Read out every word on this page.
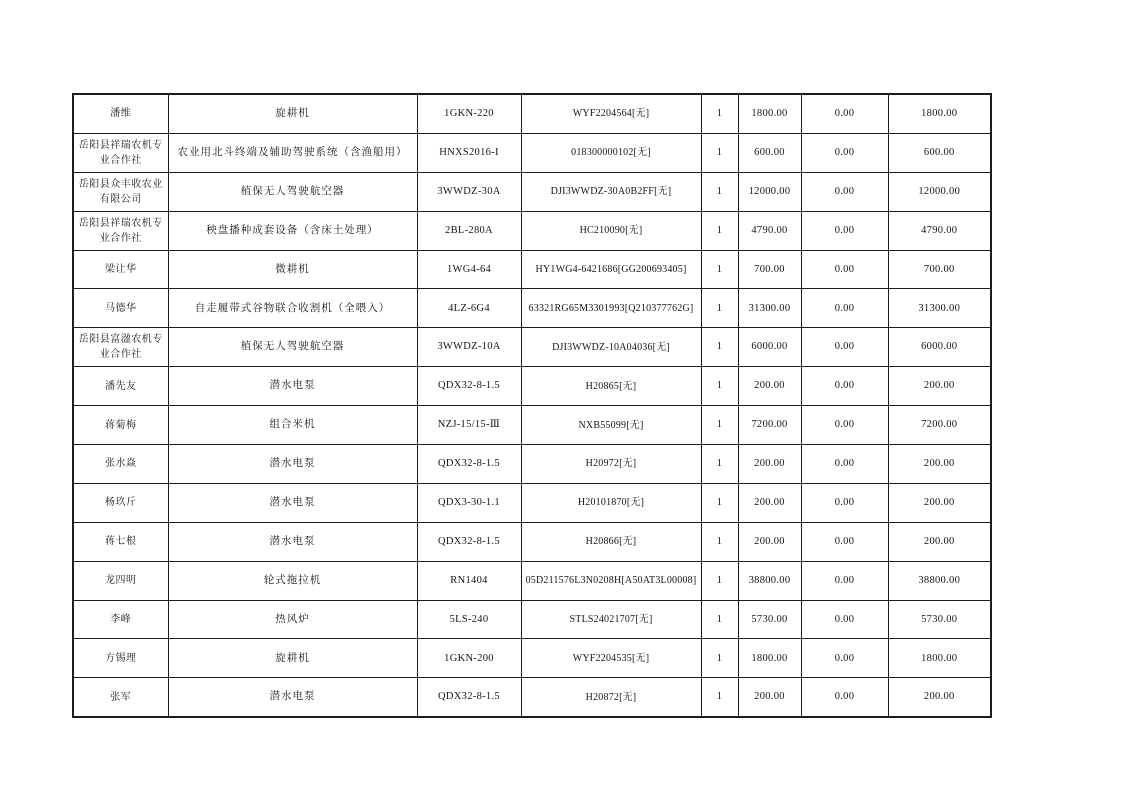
潘维	旋耕机	1GKN-220	WYF2204564[无]	1	1800.00	0.00	1800.00
岳阳县祥瑞农机专业合作社	农业用北斗终端及辅助驾驶系统（含渔船用）	HNXS2016-I	018300000102[无]	1	600.00	0.00	600.00
岳阳县众丰收农业有限公司	植保无人驾驶航空器	3WWDZ-30A	DJI3WWDZ-30A0B2FF[无]	1	12000.00	0.00	12000.00
岳阳县祥瑞农机专业合作社	秧盘播种成套设备（含床土处理）	2BL-280A	HC210090[无]	1	4790.00	0.00	4790.00
梁让华	微耕机	1WG4-64	HY1WG4-6421686[GG200693405]	1	700.00	0.00	700.00
马德华	自走履带式谷物联合收割机（全喂入）	4LZ-6G4	63321RG65M3301993[Q210377762G]	1	31300.00	0.00	31300.00
岳阳县富溋农机专业合作社	植保无人驾驶航空器	3WWDZ-10A	DJI3WWDZ-10A04036[无]	1	6000.00	0.00	6000.00
潘先友	潜水电泵	QDX32-8-1.5	H20865[无]	1	200.00	0.00	200.00
蒋菊梅	组合米机	NZJ-15/15-Ⅲ	NXB55099[无]	1	7200.00	0.00	7200.00
张水焱	潜水电泵	QDX32-8-1.5	H20972[无]	1	200.00	0.00	200.00
杨玖斤	潜水电泵	QDX3-30-1.1	H20101870[无]	1	200.00	0.00	200.00
蒋七根	潜水电泵	QDX32-8-1.5	H20866[无]	1	200.00	0.00	200.00
龙四明	轮式拖拉机	RN1404	05D211576L3N0208H[A50AT3L00008]	1	38800.00	0.00	38800.00
李峰	热风炉	5LS-240	STLS24021707[无]	1	5730.00	0.00	5730.00
方锡理	旋耕机	1GKN-200	WYF2204535[无]	1	1800.00	0.00	1800.00
张军	潜水电泵	QDX32-8-1.5	H20872[无]	1	200.00	0.00	200.00
